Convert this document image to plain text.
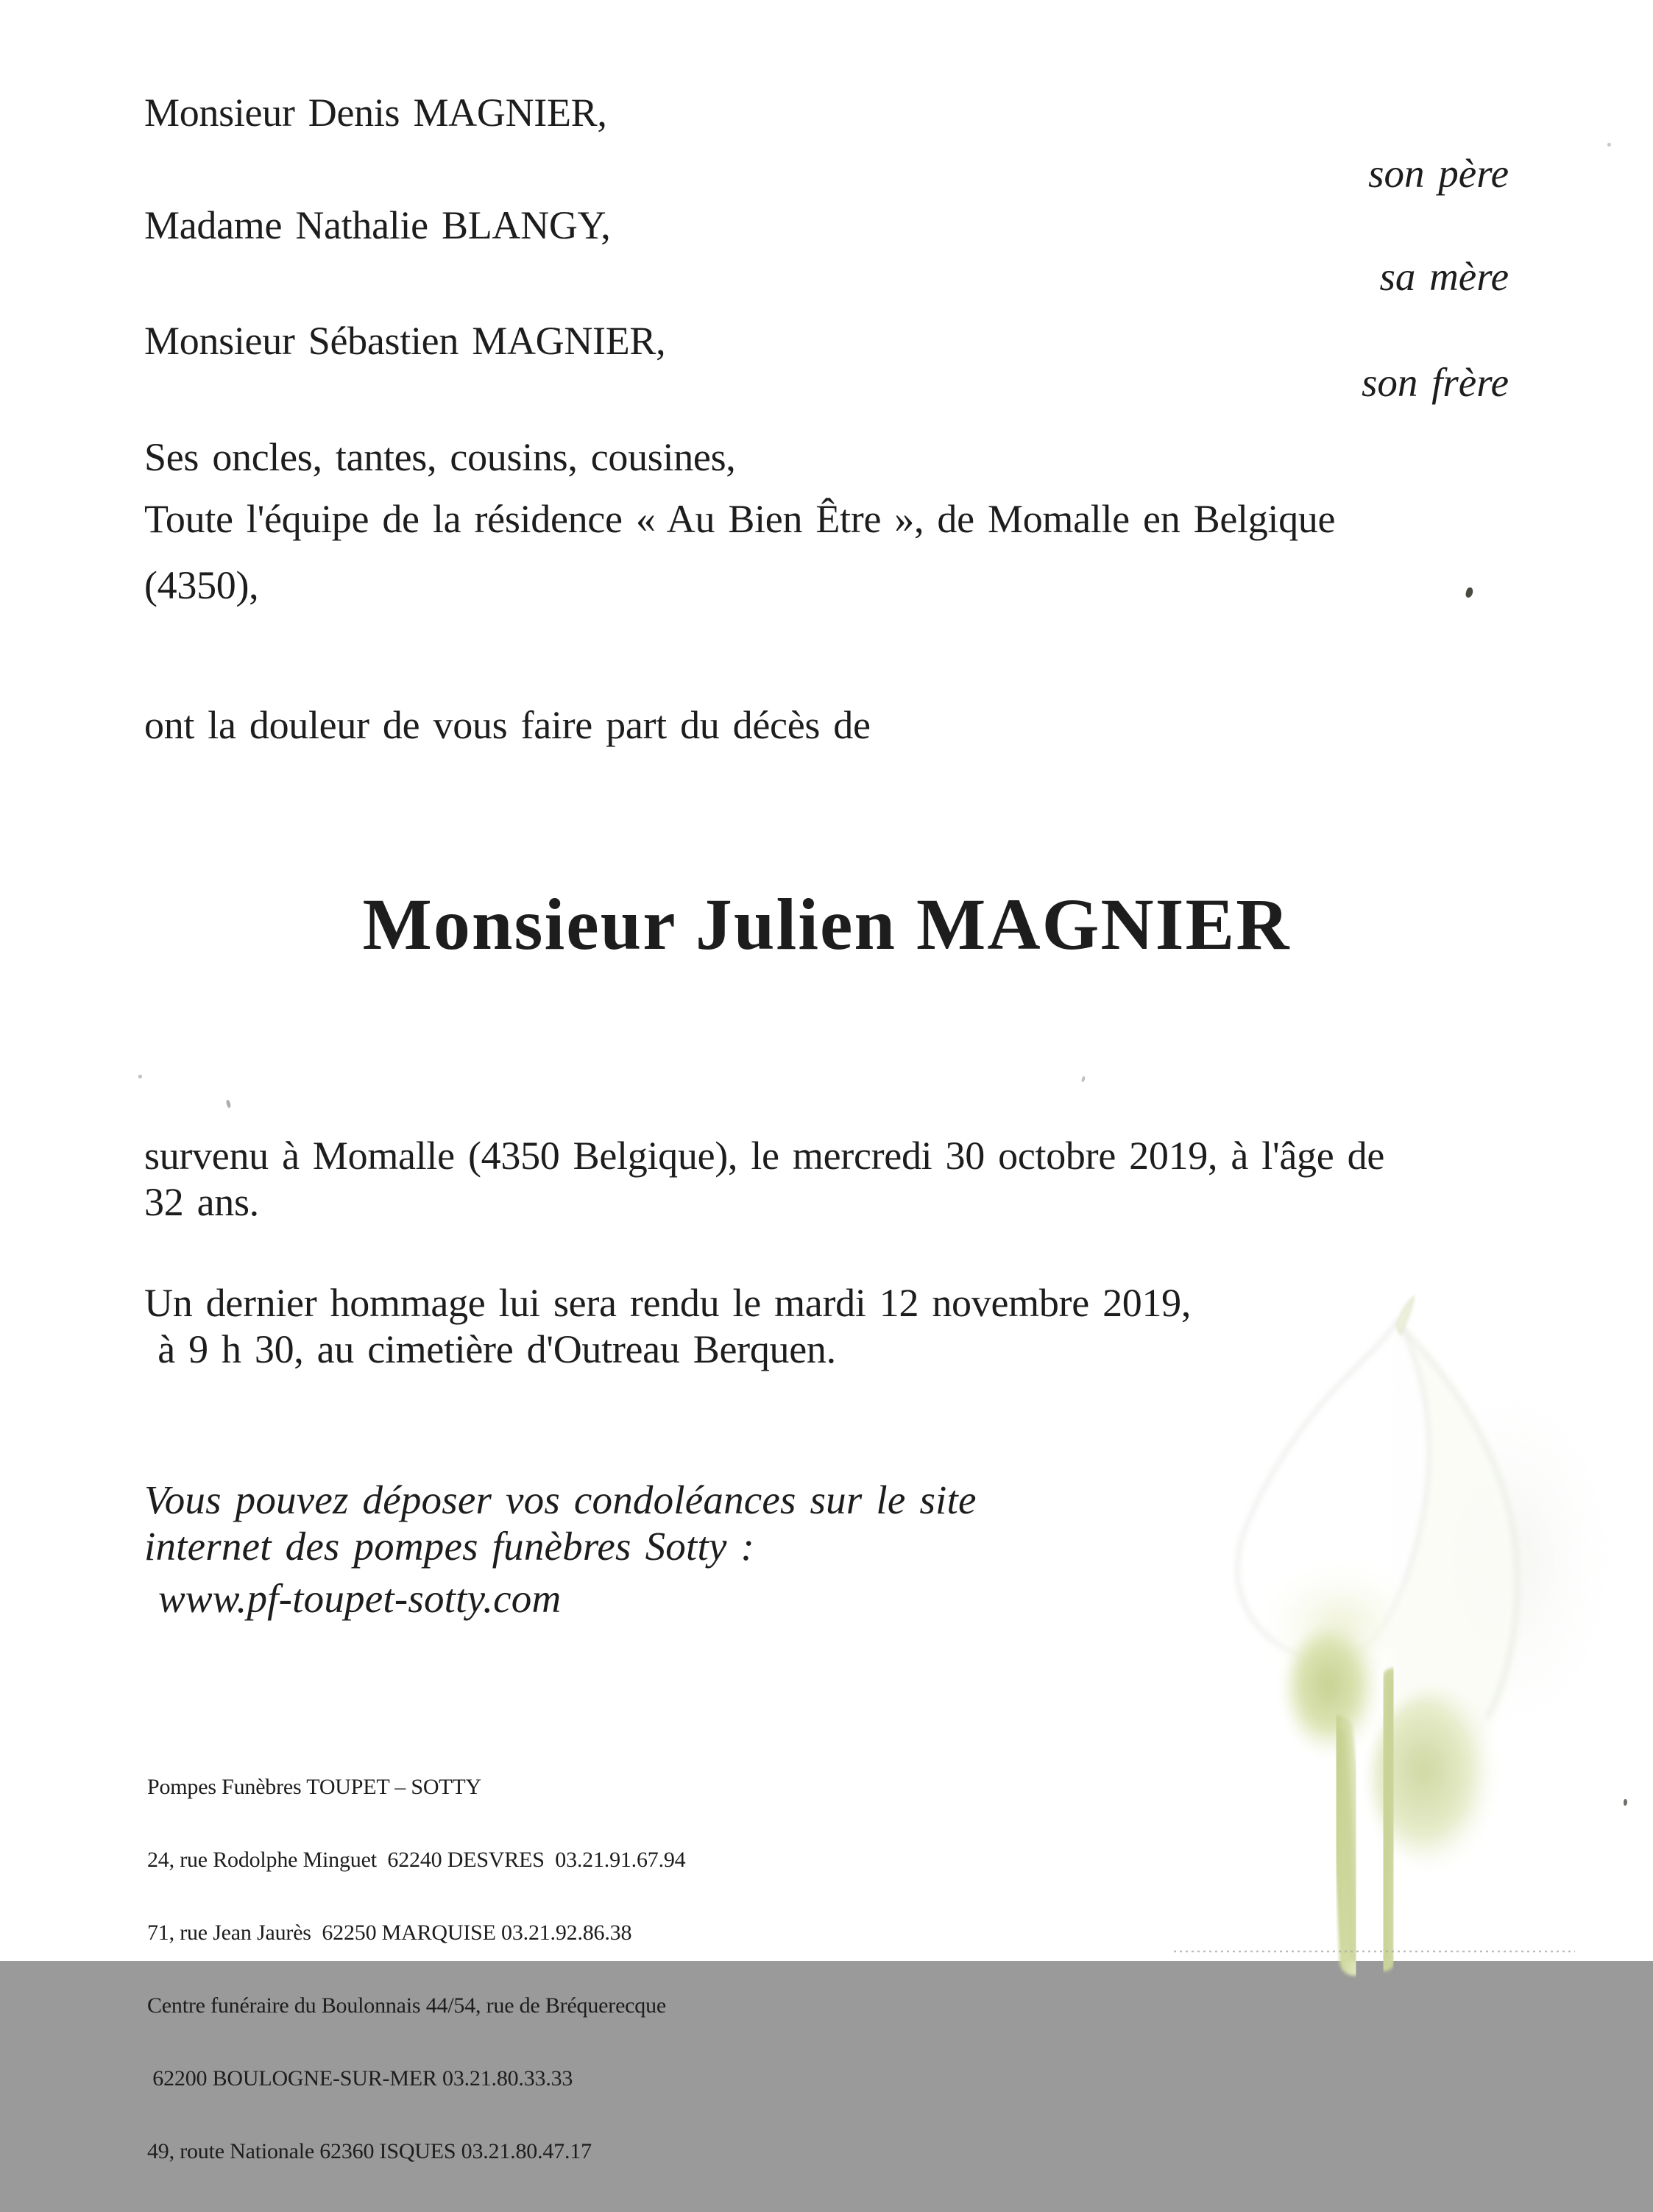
Monsieur Denis MAGNIER,
son père
Madame Nathalie BLANGY,
sa mère
Monsieur Sébastien MAGNIER,
son frère
Ses oncles, tantes, cousins, cousines,
Toute l'équipe de la résidence « Au Bien Être », de Momalle en Belgique
(4350),
ont la douleur de vous faire part du décès de
Monsieur Julien MAGNIER
survenu à Momalle (4350 Belgique), le mercredi 30 octobre 2019, à l'âge de
32 ans.
Un dernier hommage lui sera rendu le mardi 12 novembre 2019,
à 9 h 30, au cimetière d'Outreau Berquen.
Vous pouvez déposer vos condoléances sur le site
internet des pompes funèbres Sotty :
www.pf-toupet-sotty.com

Pompes Funèbres TOUPET – SOTTY

24, rue Rodolphe Minguet  62240 DESVRES  03.21.91.67.94

71, rue Jean Jaurès  62250 MARQUISE 03.21.92.86.38

Centre funéraire du Boulonnais 44/54, rue de Bréquerecque

62200 BOULOGNE-SUR-MER 03.21.80.33.33

49, route Nationale 62360 ISQUES 03.21.80.47.17
